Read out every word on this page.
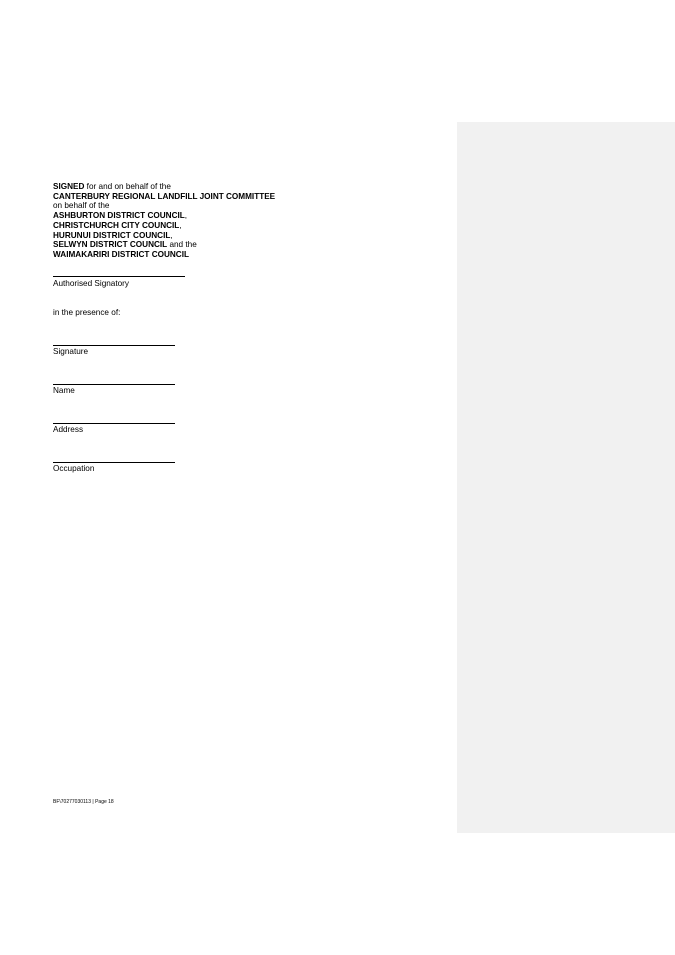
SIGNED for and on behalf of the
CANTERBURY REGIONAL LANDFILL JOINT COMMITTEE
on behalf of the
ASHBURTON DISTRICT COUNCIL,
CHRISTCHURCH CITY COUNCIL,
HURUNUI DISTRICT COUNCIL,
SELWYN DISTRICT COUNCIL and the
WAIMAKARIRI DISTRICT COUNCIL
Authorised Signatory
in the presence of:
Signature
Name
Address
Occupation
BF\70277030113 | Page 18
